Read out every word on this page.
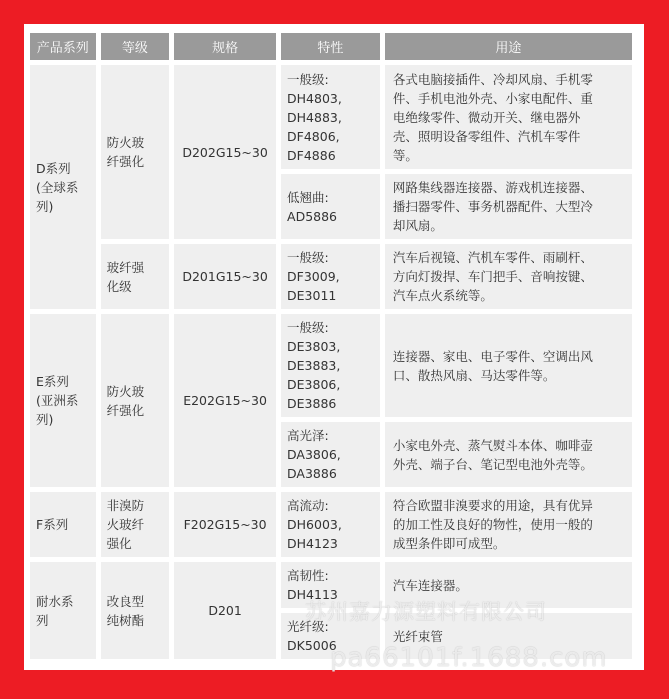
产品系列	等级	规格	特性	用途

D系列
(全球系
列)	防火玻
纤强化	D202G15~30	一般级:
DH4803,
DH4883,
DF4806,
DF4886	各式电脑接插件、冷却风扇、手机零
件、手机电池外壳、小家电配件、重
电绝缘零件、微动开关、继电器外
壳、照明设备零组件、汽机车零件
等。

			低翘曲:
AD5886	网路集线器连接器、游戏机连接器、
播扫器零件、事务机器配件、大型冷
却风扇。

	玻纤强
化级	D201G15~30	一般级:
DF3009,
DE3011	汽车后视镜、汽机车零件、雨刷杆、
方向灯拨捍、车门把手、音响按键、
汽车点火系统等。

E系列
(亚洲系
列)	防火玻
纤强化	E202G15~30	一般级:
DE3803,
DE3883,
DE3806,
DE3886	连接器、家电、电子零件、空调出风
口、散热风扇、马达零件等。

			高光泽:
DA3806,
DA3886	小家电外壳、蒸气熨斗本体、咖啡壶
外壳、端子台、笔记型电池外壳等。

F系列	非溴防
火玻纤
强化	F202G15~30	高流动:
DH6003,
DH4123	符合欧盟非溴要求的用途，具有优异
的加工性及良好的物性，使用一般的
成型条件即可成型。

耐水系
列	改良型
纯树酯	D201	高韧性:
DH4113	汽车连接器。

			光纤级:
DK5006	光纤束管
苏州嘉力源塑料有限公司
pa66101f.1688.com
